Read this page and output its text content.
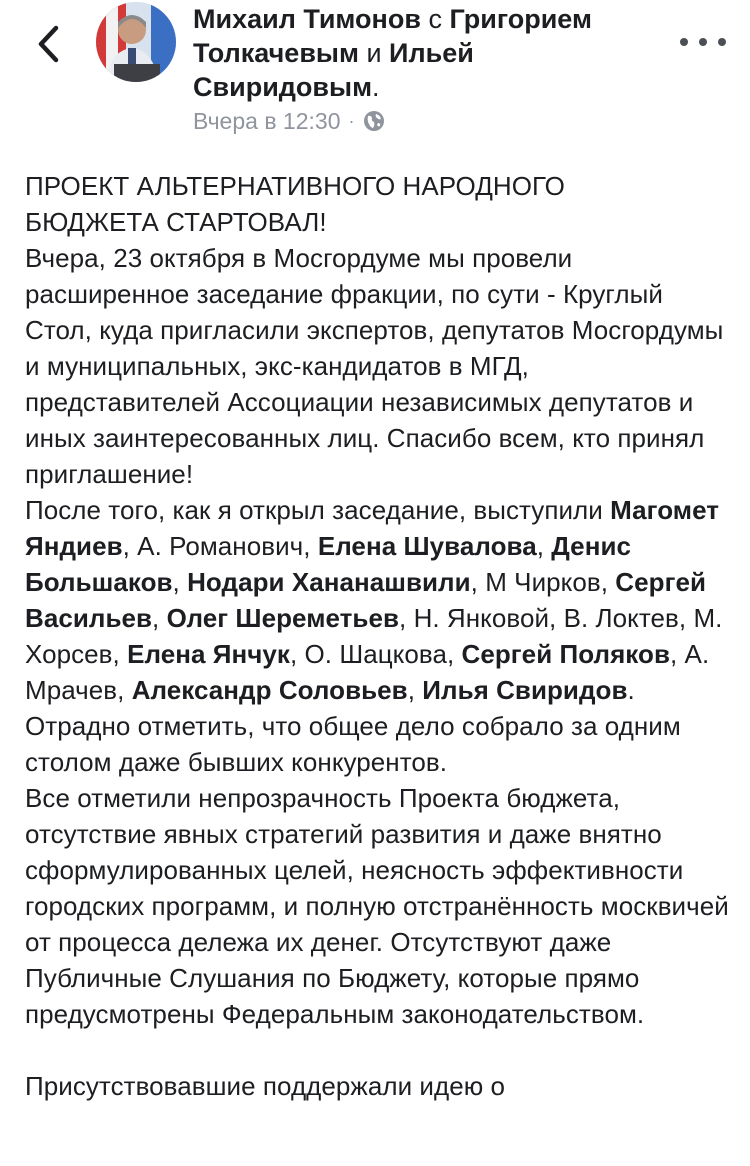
Михаил Тимонов с Григорием Толкачевым и Ильей Свиридовым.
Вчера в 12:30 ·

ПРОЕКТ АЛЬТЕРНАТИВНОГО НАРОДНОГО

БЮДЖЕТА СТАРТОВАЛ!

Вчера, 23 октября в Мосгордуме мы провели расширенное заседание фракции, по сути - Круглый Стол, куда пригласили экспертов, депутатов Мосгордумы и муниципальных, экс-кандидатов в МГД, представителей Ассоциации независимых депутатов и иных заинтересованных лиц. Спасибо всем, кто принял приглашение!

После того, как я открыл заседание, выступили Магомет Яндиев, А. Романович, Елена Шувалова, Денис Большаков, Нодари Хананашвили, М Чирков, Сергей Васильев, Олег Шереметьев, Н. Янковой, В. Локтев, М. Хорсев, Елена Янчук, О. Шацкова, Сергей Поляков, А. Мрачев, Александр Соловьев, Илья Свиридов.

Отрадно отметить, что общее дело собрало за одним столом даже бывших конкурентов.

Все отметили непрозрачность Проекта бюджета, отсутствие явных стратегий развития и даже внятно сформулированных целей, неясность эффективности городских программ, и полную отстранённость москвичей от процесса дележа их денег. Отсутствуют даже Публичные Слушания по Бюджету, которые прямо предусмотрены Федеральным законодательством.

Присутствовавшие поддержали идею о
